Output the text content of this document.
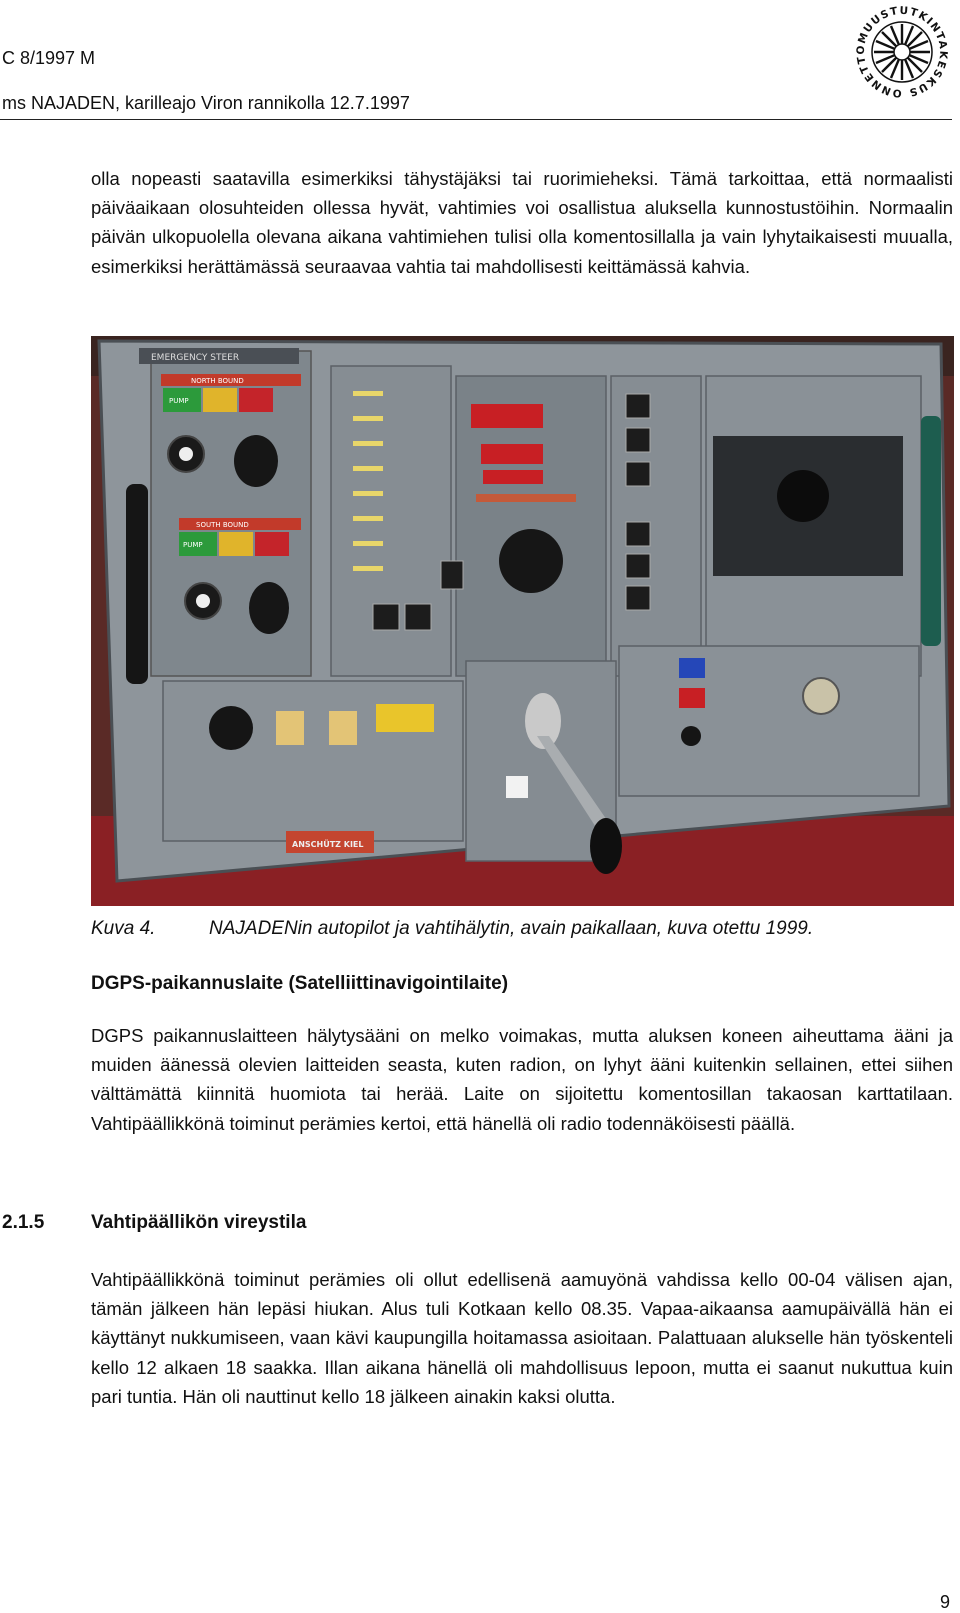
C 8/1997 M
ms NAJADEN, karilleajo Viron rannikolla 12.7.1997
ONNETTOMUUSTUTKINTAKESKUS

olla nopeasti saatavilla esimerkiksi tähystäjäksi tai ruorimieheksi. Tämä tarkoittaa, että normaalisti päiväaikaan olosuhteiden ollessa hyvät, vahtimies voi osallistua aluksella kunnostustöihin. Normaalin päivän ulkopuolella olevana aikana vahtimiehen tulisi olla komentosillalla ja vain lyhytaikaisesti muualla, esimerkiksi herättämässä seuraavaa vahtia tai mahdollisesti keittämässä kahvia.

EMERGENCY STEER
NORTH BOUND
PUMP
SOUTH BOUND
PUMP
ANSCHÜTZ KIEL
Kuva 4.	NAJADENin autopilot ja vahtihälytin, avain paikallaan, kuva otettu 1999.
DGPS-paikannuslaite (Satelliittinavigointilaite)

DGPS paikannuslaitteen hälytysääni on melko voimakas, mutta aluksen koneen aiheuttama ääni ja muiden äänessä olevien laitteiden seasta, kuten radion, on lyhyt ääni kuitenkin sellainen, ettei siihen välttämättä kiinnitä huomiota tai herää. Laite on sijoitettu komentosillan takaosan karttatilaan. Vahtipäällikkönä toiminut perämies kertoi, että hänellä oli radio todennäköisesti päällä.

2.1.5 Vahtipäällikön vireystila

Vahtipäällikkönä toiminut perämies oli ollut edellisenä aamuyönä vahdissa kello 00-04 välisen ajan, tämän jälkeen hän lepäsi hiukan. Alus tuli Kotkaan kello 08.35. Vapaa-aikaansa aamupäivällä hän ei käyttänyt nukkumiseen, vaan kävi kaupungilla hoitamassa asioitaan. Palattuaan alukselle hän työskenteli kello 12 alkaen 18 saakka. Illan aikana hänellä oli mahdollisuus lepoon, mutta ei saanut nukuttua kuin pari tuntia. Hän oli nauttinut kello 18 jälkeen ainakin kaksi olutta.

9
